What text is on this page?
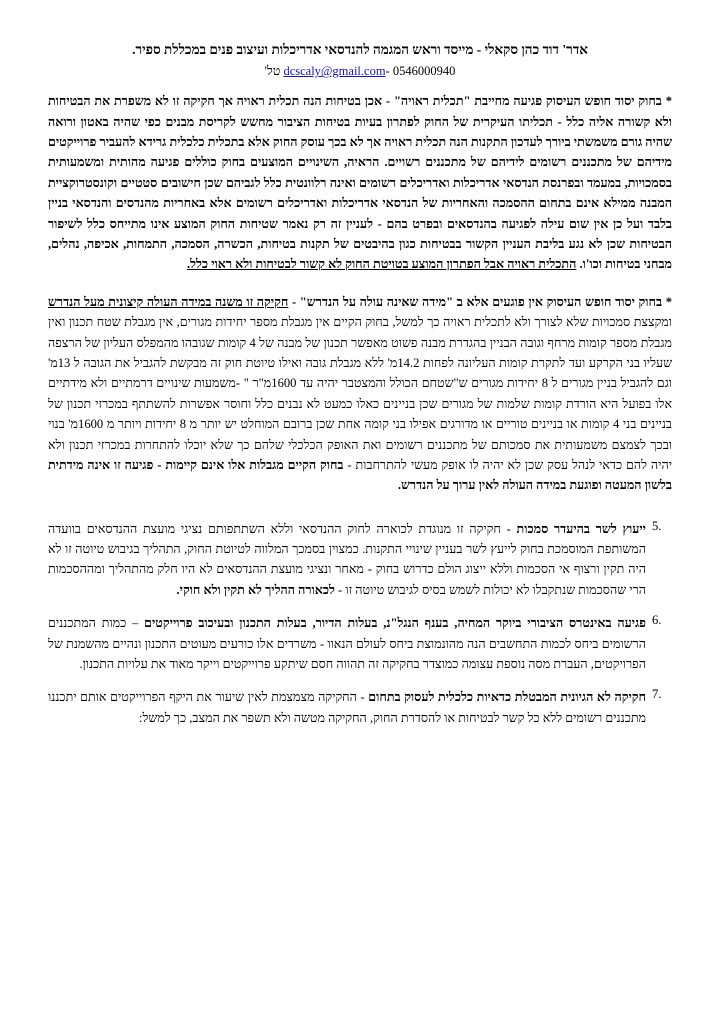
אדר' דוד כהן סקאלי - מייסד וראש המגמה להנדסאי אדריכלות ועיצוב פנים במכללת ספיר.
dcscaly@gmail.com- 0546000940 טל'

* בחוק יסוד חופש העיסוק פגיעה מחייבת "תכלית ראויה" - אכן בטיחות הנה תכלית ראויה אך חקיקה זו לא משפרת את הבטיחות ולא קשורה אליה כלל - תכליתו העיקרית של החוק לפתרון בעיות בטיחות הציבור מחשש לקריסת מבנים כפי שהיה באטון ורואה שהיה גורם משמשתי ביורך לעדכון התקנות הנה תכלית ראויה אך לא בכך עוסק החוק אלא בתכלית כלכלית גרידא להעביר פרוייקטים מידיהם של מתכננים רשומים לידיהם של מתכננים רשויים. הראיה, השינויים המוצעים בחוק כוללים פגיעה מהותית ומשמעותית בסמכויות, במעמד ובפרנסת הנדסאי אדריכלות ואדריכלים רשומים ואינה רלוונטית כלל לגביהם שכן חישובים סטטיים וקונסטרוקציית המבנה ממילא אינם בתחום ההסמכה והאחריות של הנדסאי אדריכלות ואדריכלים רשומים אלא באחריות מהנדסים והנדסאי בניין בלבד ועל כן אין שום עילה לפגיעה בהנדסאים ובפרט בהם - לעניין זה רק נאמר שטיחות החוק המוצע אינו מתייחס כלל לשיפור הבטיחות שכן לא נגע בליבת העניין הקשור בבטיחות כגון בהיבטים של תקנות בטיחות, הכשרה, הסמכה, התמחות, אכיפה, נהלים, מבחני בטיחות וכו'ו. התכלית ראויה אבל הפתרון המוצע בטויטת החוק לא קשור לבטיחות ולא ראוי כלל.

* בחוק יסוד חופש העיסוק אין פוגעים אלא ב "מידה שאינה עולה על הנדרש" - חקיקה זו משנה במידה העולה קיצונית מעל הנדרש ומקצצת סמכויות שלא לצורך ולא לתכלית ראויה כך למשל, בחוק הקיים אין מגבלת מספר יחידות מגורים, אין מגבלת שטח תכנון ואין מגבלת מספר קומות מרחף וגובה הבניין בהגדרת מבנה פשוט מאפשר תכנון של מבנה של 4 קומות שגובהו מהמפלס העליון של הרצפה שעליו בני הקרקע ועד לתקרת קומות העליונה לפחות 14.2מ' ללא מגבלת גובה ואילו טיוטת חוק זה מבקשת להגביל את הגובה ל 13מ' וגם להגביל בניין מגורים ל 8 יחידות מגורים ש"שטחם הכולל והמצטבר יהיה עד 1600מ"ר " -משמעות שינויים דרמתיים ולא מידתיים אלו בפועל היא הורדת קומות שלמות של מגורים שכן בניינים כאלו כמעט לא נבנים כלל וחוסר אפשרות להשתתף במכרזי תכנון של בניינים בני 4 קומות או בניינים טוריים או מדורגים אפילו בני קומה אחת שכן ברובם המוחלט יש יותר מ 8 יחידות ויותר מ 1600מ' בנוי ובכך לצמצם משמעותית את סמכותם של מתכננים רשומים ואת האופק הכלכלי שלהם כך שלא יוכלו להתחרות במכרזי תכנון ולא יהיה להם כדאי לנהל עסק שכן לא יהיה לו אופק מעשי להתרחבות - בחוק הקיים מגבלות אלו אינם קיימות - פגיעה זו אינה מידתית בלשון המעטה ופוגעת במידה העולה לאין ערוך על הנדרש.

5.
ייעוץ לשר בהיעדר סמכות - חקיקה זו מנוגדת לכוארה לחוק ההנדסאי וללא השתתפותם נציגי מועצת ההנדסאים בוועדה המשותפת המוסמכת בחוק לייעץ לשר בעניין שינויי התקנות. כמצוין בסמכך המלווה לטיוטת החוק, התהליך בגיבוש טיוטה זו לא היה תקין ורצוף אי הסכמות וללא ייצוג הולם כדרוש בחוק - מאחר ונציגי מועצת ההנדסאים לא היו חלק מהתהליך ומההסכמות הרי שהסכמות שנתקבלו לא יכולות לשמש בסיס לגיבוש טיוטה זו - לכאורה ההליך לא תקין ולא חוקי.
6.
פגיעה באינטרס הציבורי ביוקר המחיה, בענף הנגל"נ, בעלות הדיור, בעלות התכנון ובעיכוב פרוייקטים – כמות המתכננים הרשומים ביחס לכמות התחשבים הנה מהונמוצת ביחס לעולם הנאוו - משרדים אלו כורעים מעוטים התכנון ונהיים מהשמנת של הפרויקטים, העברת מסה נוספת עצומה כמוצדר בחקיקה זה תהווה חסם שיתקע פרוייקטים וייקר מאוד את עלויות התכנון.
7.
חקיקה לא הגיונית המבטלת כדאיות כלכלית לעסוק בתחום - החקיקה מצמצמת לאין שיעור את היקף הפרוייקטים אותם יתכננו מתכננים רשומים ללא כל קשר לבטיחות או להסדרת החוק, החקיקה מטשה ולא תשפר את המצב, כך למשל:
